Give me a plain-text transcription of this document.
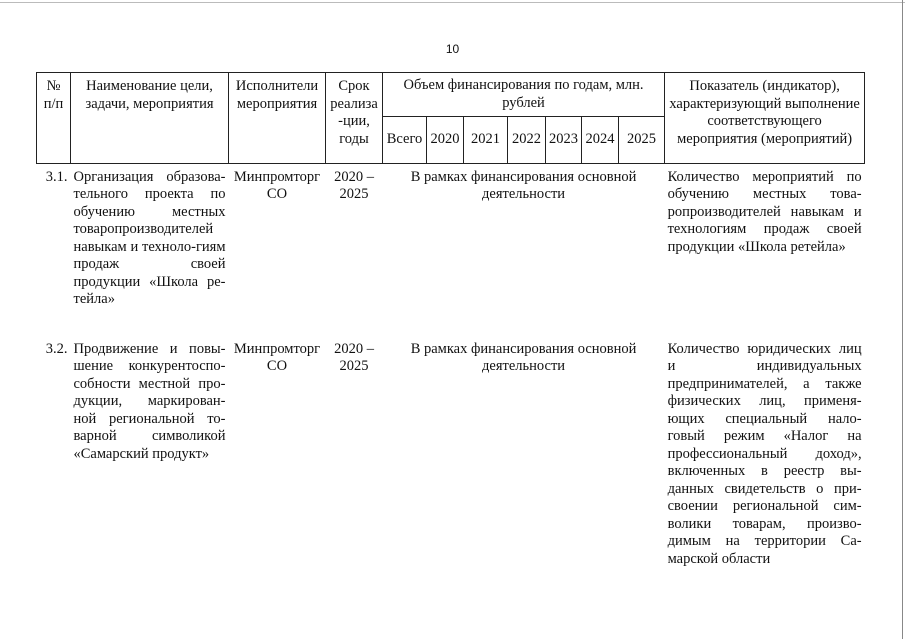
10
№ п/п	Наименование цели, задачи, мероприятия	Исполнители мероприятия	Срок реализа-ции, годы	Объем финансирования по годам, млн. рублей							Показатель (индикатор), характеризующий выполнение соответствующего мероприятия (мероприятий)
				Всего	2020	2021	2022	2023	2024	2025	
3.1.	Организация образова-тельного проекта по обучению местных товаропроизводителей навыкам и техноло-гиям продаж своей продукции «Школа ре-тейла»	Минпромторг СО	2020 – 2025	В рамках финансирования основной деятельности							Количество мероприятий по обучению местных това-ропроизводителей навыкам и технологиям продаж своей продукции «Школа ретейла»
3.2.	Продвижение и повы-шение конкурентоспо-собности местной про-дукции, маркирован-ной региональной то-варной символикой «Самарский продукт»	Минпромторг СО	2020 – 2025	В рамках финансирования основной деятельности							Количество юридических лиц и индивидуальных предпринимателей, а также физических лиц, применя-ющих специальный нало-говый режим «Налог на профессиональный доход», включенных в реестр вы-данных свидетельств о при-своении региональной сим-волики товарам, произво-димым на территории Са-марской области
